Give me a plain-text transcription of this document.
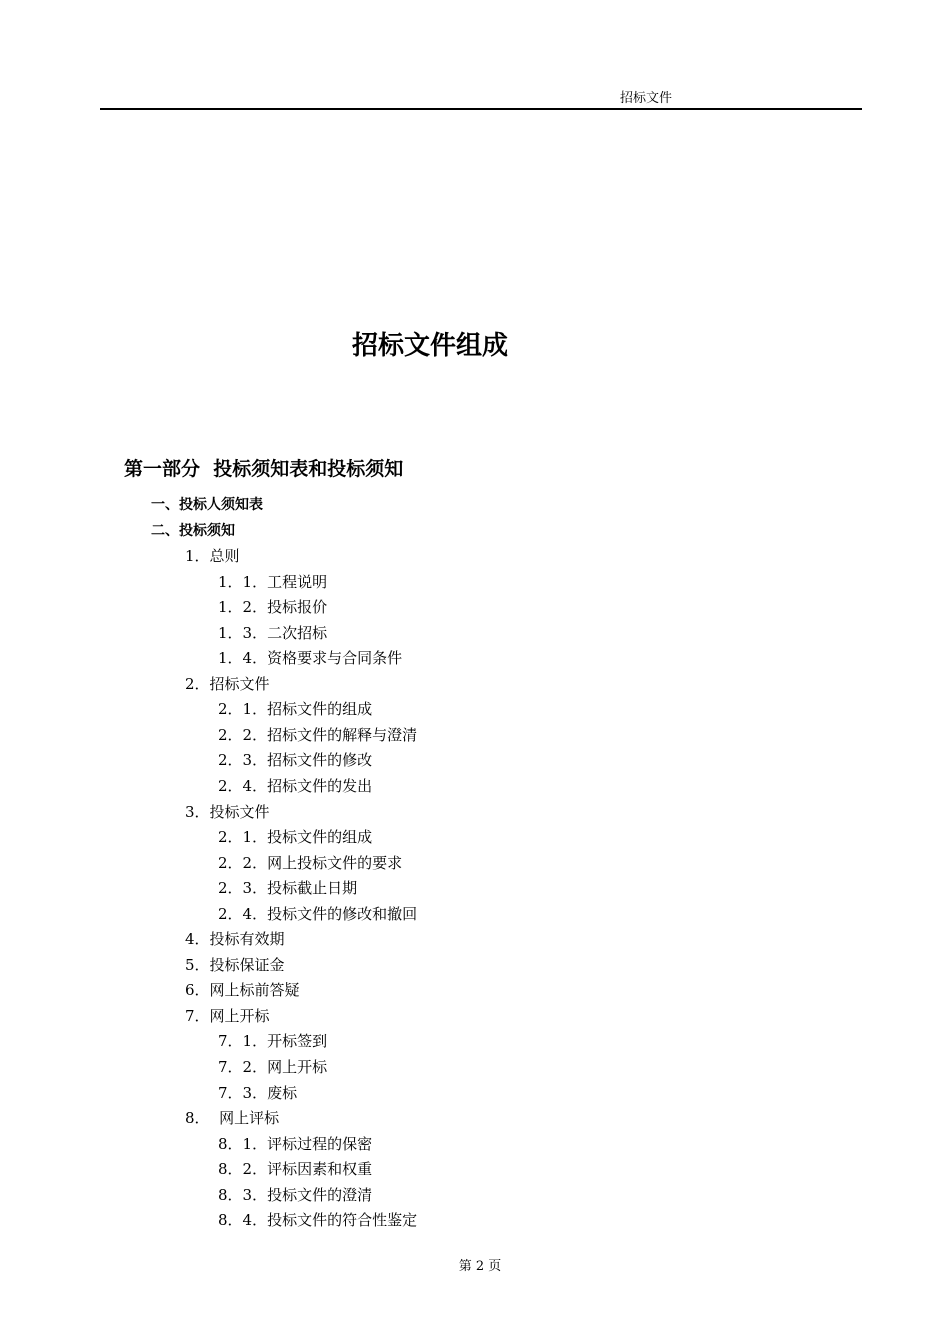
招标文件
招标文件组成
第一部分  投标须知表和投标须知
一、投标人须知表
二、投标须知
1．总则
1．1．工程说明
1．2．投标报价
1．3．二次招标
1．4．资格要求与合同条件
2．招标文件
2．1．招标文件的组成
2．2．招标文件的解释与澄清
2．3．招标文件的修改
2．4．招标文件的发出
3．投标文件
2．1．投标文件的组成
2．2．网上投标文件的要求
2．3．投标截止日期
2．4．投标文件的修改和撤回
4．投标有效期
5．投标保证金
6．网上标前答疑
7．网上开标
7．1．开标签到
7．2．网上开标
7．3．废标
8．  网上评标
8．1．评标过程的保密
8．2．评标因素和权重
8．3．投标文件的澄清
8．4．投标文件的符合性鉴定
第 2 页
